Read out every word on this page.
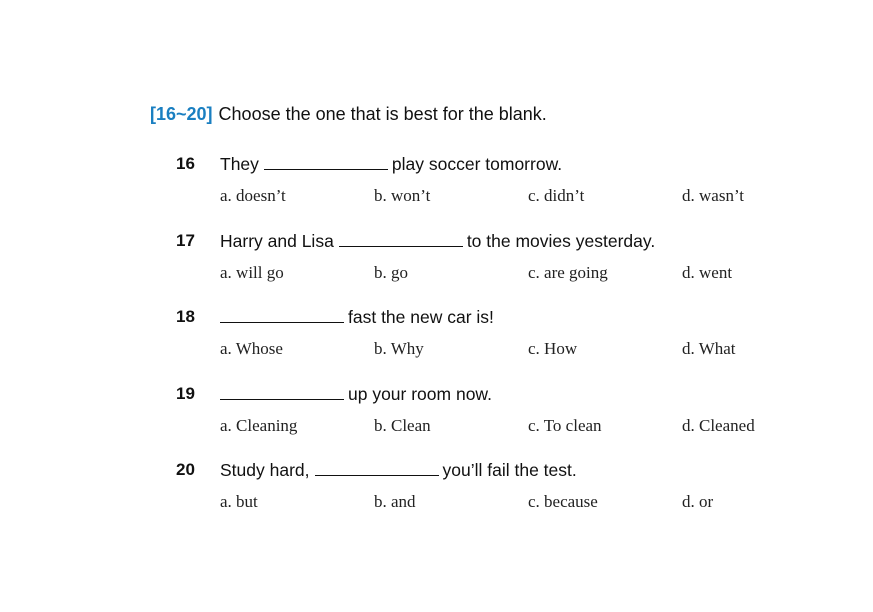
[16~20] Choose the one that is best for the blank.
16 They	play soccer tomorrow.
a. doesn’t	b. won’t	c. didn’t	d. wasn’t
17 Harry and Lisa	to the movies yesterday.
a. will go	b. go	c. are going	d. went
18	fast the new car is!
a. Whose	b. Why	c. How	d. What
19	up your room now.
a. Cleaning	b. Clean	c. To clean	d. Cleaned
20 Study hard,	you’ll fail the test.
a. but	b. and	c. because	d. or
